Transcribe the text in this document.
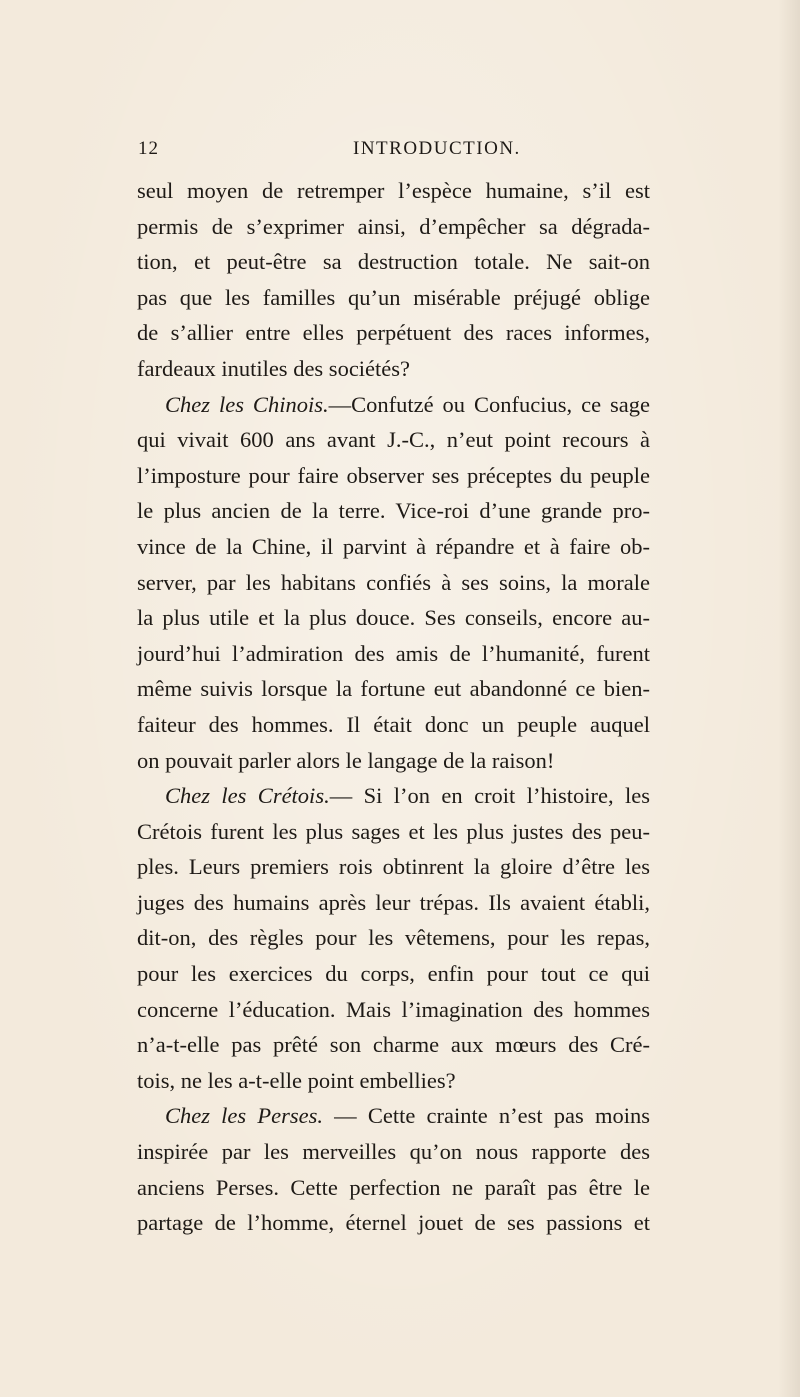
12	INTRODUCTION.
seul moyen de retremper l’espèce humaine, s’il est
permis de s’exprimer ainsi, d’empêcher sa dégrada-
tion, et peut-être sa destruction totale. Ne sait-on
pas que les familles qu’un misérable préjugé oblige
de s’allier entre elles perpétuent des races informes,
fardeaux inutiles des sociétés?
Chez les Chinois.—Confutzé ou Confucius, ce sage
qui vivait 600 ans avant J.-C., n’eut point recours à
l’imposture pour faire observer ses préceptes du peuple
le plus ancien de la terre. Vice-roi d’une grande pro-
vince de la Chine, il parvint à répandre et à faire ob-
server, par les habitans confiés à ses soins, la morale
la plus utile et la plus douce. Ses conseils, encore au-
jourd’hui l’admiration des amis de l’humanité, furent
même suivis lorsque la fortune eut abandonné ce bien-
faiteur des hommes. Il était donc un peuple auquel
on pouvait parler alors le langage de la raison!
Chez les Crétois.— Si l’on en croit l’histoire, les
Crétois furent les plus sages et les plus justes des peu-
ples. Leurs premiers rois obtinrent la gloire d’être les
juges des humains après leur trépas. Ils avaient établi,
dit-on, des règles pour les vêtemens, pour les repas,
pour les exercices du corps, enfin pour tout ce qui
concerne l’éducation. Mais l’imagination des hommes
n’a-t-elle pas prêté son charme aux mœurs des Cré-
tois, ne les a-t-elle point embellies?
Chez les Perses. — Cette crainte n’est pas moins
inspirée par les merveilles qu’on nous rapporte des
anciens Perses. Cette perfection ne paraît pas être le
partage de l’homme, éternel jouet de ses passions et
